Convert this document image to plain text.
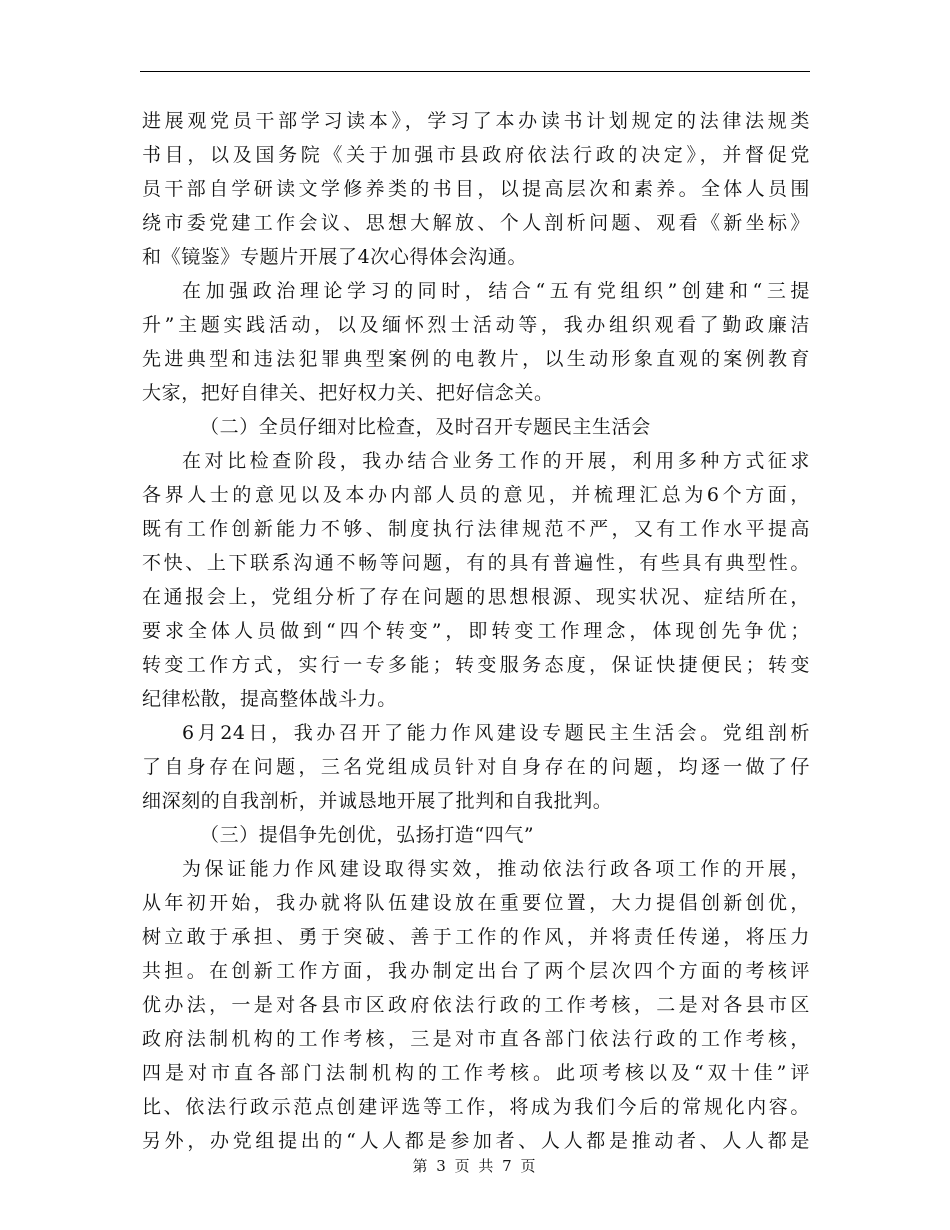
进展观党员干部学习读本》，学习了本办读书计划规定的法律法规类
书目，以及国务院《关于加强市县政府依法行政的决定》，并督促党
员干部自学研读文学修养类的书目，以提高层次和素养。全体人员围
绕市委党建工作会议、思想大解放、个人剖析问题、观看《新坐标》
和《镜鉴》专题片开展了4次心得体会沟通。
在加强政治理论学习的同时，结合“五有党组织”创建和“三提
升”主题实践活动，以及缅怀烈士活动等，我办组织观看了勤政廉洁
先进典型和违法犯罪典型案例的电教片，以生动形象直观的案例教育
大家，把好自律关、把好权力关、把好信念关。
（二）全员仔细对比检查，及时召开专题民主生活会
在对比检查阶段，我办结合业务工作的开展，利用多种方式征求
各界人士的意见以及本办内部人员的意见，并梳理汇总为6个方面，
既有工作创新能力不够、制度执行法律规范不严，又有工作水平提高
不快、上下联系沟通不畅等问题，有的具有普遍性，有些具有典型性。
在通报会上，党组分析了存在问题的思想根源、现实状况、症结所在，
要求全体人员做到“四个转变”，即转变工作理念，体现创先争优；
转变工作方式，实行一专多能；转变服务态度，保证快捷便民；转变
纪律松散，提高整体战斗力。
6月24日，我办召开了能力作风建设专题民主生活会。党组剖析
了自身存在问题，三名党组成员针对自身存在的问题，均逐一做了仔
细深刻的自我剖析，并诚恳地开展了批判和自我批判。
（三）提倡争先创优，弘扬打造“四气”
为保证能力作风建设取得实效，推动依法行政各项工作的开展，
从年初开始，我办就将队伍建设放在重要位置，大力提倡创新创优，
树立敢于承担、勇于突破、善于工作的作风，并将责任传递，将压力
共担。在创新工作方面，我办制定出台了两个层次四个方面的考核评
优办法，一是对各县市区政府依法行政的工作考核，二是对各县市区
政府法制机构的工作考核，三是对市直各部门依法行政的工作考核，
四是对市直各部门法制机构的工作考核。此项考核以及“双十佳”评
比、依法行政示范点创建评选等工作，将成为我们今后的常规化内容。
另外，办党组提出的“人人都是参加者、人人都是推动者、人人都是
第 3 页 共 7 页
